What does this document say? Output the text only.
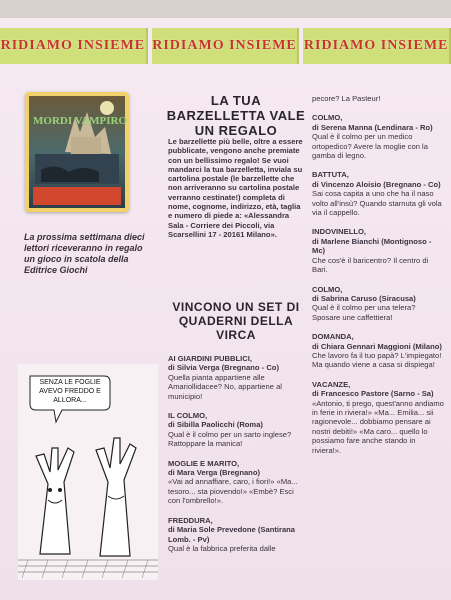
RIDIAMO INSIEME RIDIAMO INSIEME RIDIAMO INSIEME
MORDI VAMPIRO
La prossima settimana dieci lettori riceveranno in regalo un gioco in scatola della Editrice Giochi
LA TUA BARZELLETTA VALE UN REGALO
Le barzellette più belle, oltre a essere pubblicate, vengono anche premiate con un bellissimo regalo! Se vuoi mandarci la tua barzelletta, inviala su cartolina postale (le barzellette che non arriveranno su cartolina postale verranno cestinate!) completa di nome, cognome, indirizzo, età, taglia e numero di piede a: «Alessandra Sala - Corriere dei Piccoli, via Scarsellini 17 - 20161 Milano».
VINCONO UN SET DI QUADERNI DELLA VIRCA
AI GIARDINI PUBBLICI,
di Silvia Verga (Bregnano - Co)
Quella pianta appartiene alle Amariollidacee? No, appartiene al municipio!
IL COLMO,
di Sibilla Paolicchi (Roma)
Qual è il colmo per un sarto inglese? Rattoppare la manica!
MOGLIE E MARITO,
di Mara Verga (Bregnano)
«Vai ad annaffiare, caro, i fiori!» «Ma... tesoro... sta piovendo!» «Embè? Esci con l'ombrello!».
FREDDURA,
di Maria Sole Prevedone (Santirana Lomb. - Pv)
Qual è la fabbrica preferita dalle
pecore? La Pasteur!
COLMO,
di Serena Manna (Lendinara - Ro)
Qual è il colmo per un medico ortopedico? Avere la moglie con la gamba di legno.
BATTUTA,
di Vincenzo Aloisio (Bregnano - Co)
Sai cosa capita a uno che ha il naso volto all'insù? Quando starnuta gli vola via il cappello.
INDOVINELLO,
di Marlene Bianchi (Montignoso - Mc)
Che cos'è il baricentro? Il centro di Bari.
COLMO,
di Sabrina Caruso (Siracusa)
Qual è il colmo per una telera? Sposare une caffettiera!
DOMANDA,
di Chiara Gennari Maggioni (Milano)
Che lavoro fa il tuo papà? L'impiegato! Ma quando viene a casa si dispiega!
VACANZE,
di Francesco Pastore (Sarno - Sa)
«Antonio, ti prego, quest'anno andiamo in ferie in riviera!» «Ma... Emilia... sii ragionevole... dobbiamo pensare ai nostri debiti!» «Ma caro... quello lo possiamo fare anche stando in riviera!».
SENZA LE FOGLIE AVEVO FREDDO E ALLORA...
